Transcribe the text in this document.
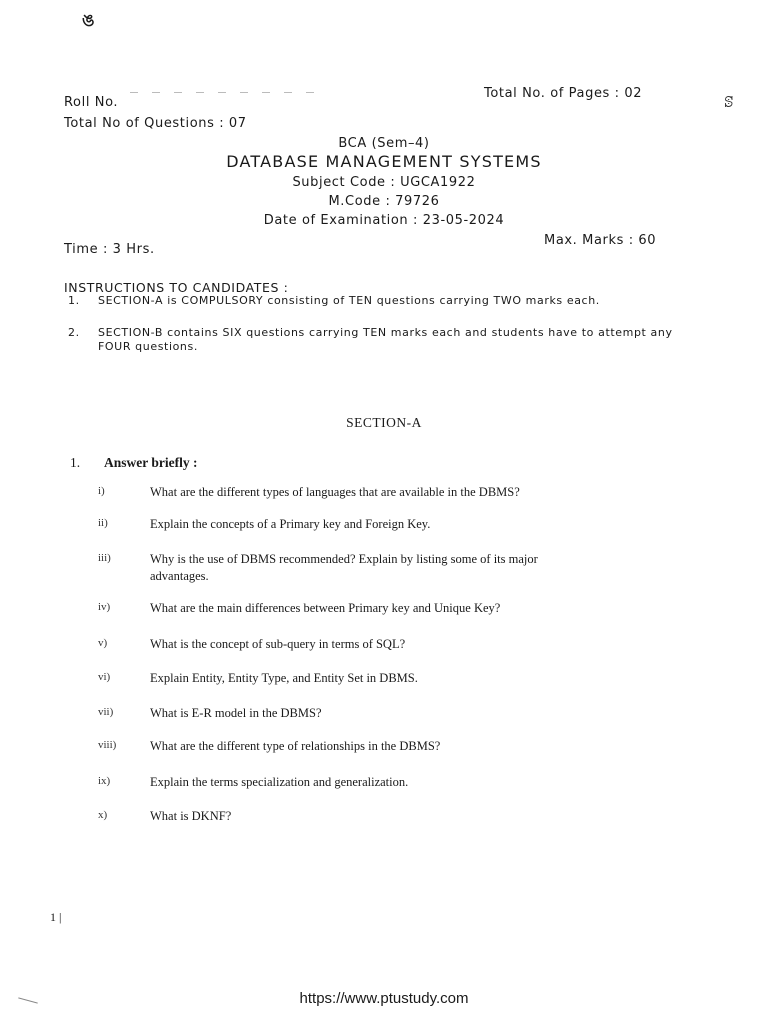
ঙ
ꕷ
Roll No.
Total No. of Pages : 02
Total No of Questions : 07
BCA (Sem–4)
DATABASE MANAGEMENT SYSTEMS
Subject Code : UGCA1922
M.Code : 79726
Date of Examination : 23-05-2024
Time : 3 Hrs.
Max. Marks : 60
INSTRUCTIONS TO CANDIDATES :
1. SECTION-A is COMPULSORY consisting of TEN questions carrying TWO marks each.
2. SECTION-B contains SIX questions carrying TEN marks each and students have to attempt any FOUR questions.
SECTION-A
1. Answer briefly :
i)	What are the different types of languages that are available in the DBMS?
ii)	Explain the concepts of a Primary key and Foreign Key.
iii)	Why is the use of DBMS recommended? Explain by listing some of its major
advantages.
iv)	What are the main differences between Primary key and Unique Key?
v)	What is the concept of sub-query in terms of SQL?
vi)	Explain Entity, Entity Type, and Entity Set in DBMS.
vii)	What is E-R model in the DBMS?
viii)	What are the different type of relationships in the DBMS?
ix)	Explain the terms specialization and generalization.
x)	What is DKNF?
1 |
https://www.ptustudy.com
